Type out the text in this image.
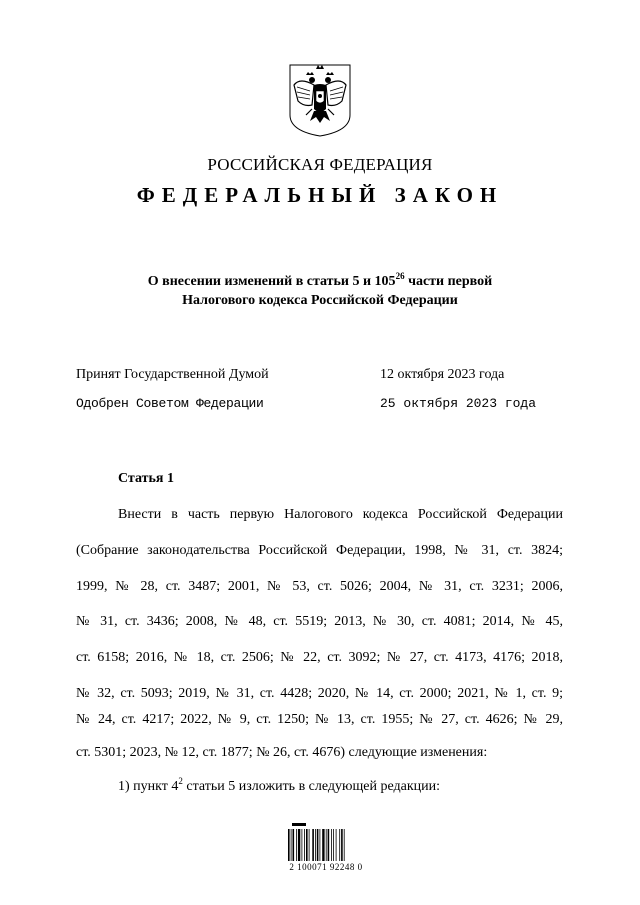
РОССИЙСКАЯ ФЕДЕРАЦИЯ
ФЕДЕРАЛЬНЫЙ ЗАКОН
О внесении изменений в статьи 5 и $105^{26}$ части первой
Налогового кодекса Российской Федерации
Принят Государственной Думой	12 октября 2023 года
Одобрен Советом Федерации	25 октября 2023 года
Статья 1
Внести в часть первую Налогового кодекса Российской Федерации
(Собрание законодательства Российской Федерации, 1998, № 31, ст. 3824;
1999, № 28, ст. 3487; 2001, № 53, ст. 5026; 2004, № 31, ст. 3231; 2006,
№ 31, ст. 3436; 2008, № 48, ст. 5519; 2013, № 30, ст. 4081; 2014, № 45,
ст. 6158; 2016, № 18, ст. 2506; № 22, ст. 3092; № 27, ст. 4173, 4176; 2018,
№ 32, ст. 5093; 2019, № 31, ст. 4428; 2020, № 14, ст. 2000; 2021, № 1, ст. 9;
№ 24, ст. 4217; 2022, № 9, ст. 1250; № 13, ст. 1955; № 27, ст. 4626; № 29,
ст. 5301; 2023, № 12, ст. 1877; № 26, ст. 4676) следующие изменения:
1) пункт $4^2$ статьи 5 изложить в следующей редакции:
2 100071 92248 0
